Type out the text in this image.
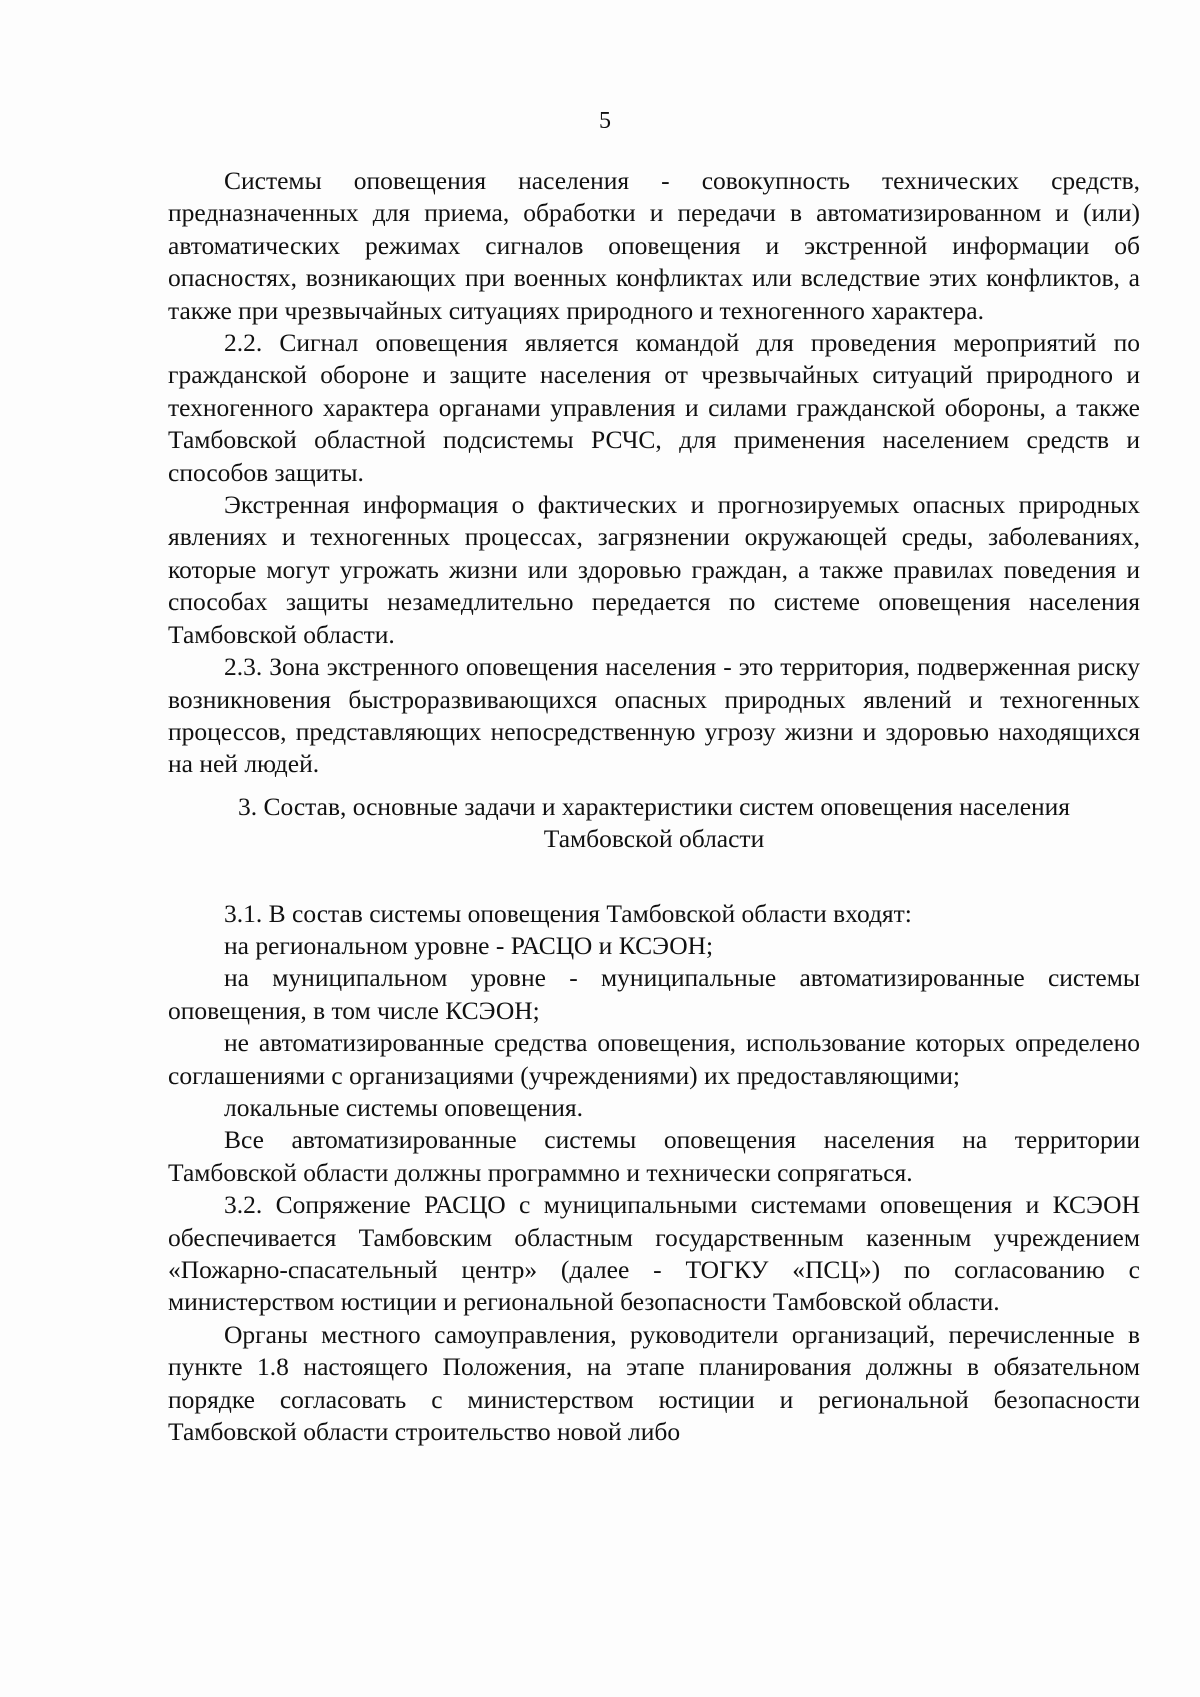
5

Системы оповещения населения - совокупность технических средств, предназначенных для приема, обработки и передачи в автоматизированном и (или) автоматических режимах сигналов оповещения и экстренной информации об опасностях, возникающих при военных конфликтах или вследствие этих конфликтов, а также при чрезвычайных ситуациях природного и техногенного характера.

2.2. Сигнал оповещения является командой для проведения мероприятий по гражданской обороне и защите населения от чрезвычайных ситуаций природного и техногенного характера органами управления и силами гражданской обороны, а также Тамбовской областной подсистемы РСЧС, для применения населением средств и способов защиты.

Экстренная информация о фактических и прогнозируемых опасных природных явлениях и техногенных процессах, загрязнении окружающей среды, заболеваниях, которые могут угрожать жизни или здоровью граждан, а также правилах поведения и способах защиты незамедлительно передается по системе оповещения населения Тамбовской области.

2.3. Зона экстренного оповещения населения - это территория, подверженная риску возникновения быстроразвивающихся опасных природных явлений и техногенных процессов, представляющих непосредственную угрозу жизни и здоровью находящихся на ней людей.

3. Состав, основные задачи и характеристики систем оповещения населения Тамбовской области

3.1. В состав системы оповещения Тамбовской области входят:

на региональном уровне - РАСЦО и КСЭОН;

на муниципальном уровне - муниципальные автоматизированные системы оповещения, в том числе КСЭОН;

не автоматизированные средства оповещения, использование которых определено соглашениями с организациями (учреждениями) их предоставляющими;

локальные системы оповещения.

Все автоматизированные системы оповещения населения на территории Тамбовской области должны программно и технически сопрягаться.

3.2. Сопряжение РАСЦО с муниципальными системами оповещения и КСЭОН обеспечивается Тамбовским областным государственным казенным учреждением «Пожарно-спасательный центр» (далее - ТОГКУ «ПСЦ») по согласованию с министерством юстиции и региональной безопасности Тамбовской области.

Органы местного самоуправления, руководители организаций, перечисленные в пункте 1.8 настоящего Положения, на этапе планирования должны в обязательном порядке согласовать с министерством юстиции и региональной безопасности Тамбовской области строительство новой либо
